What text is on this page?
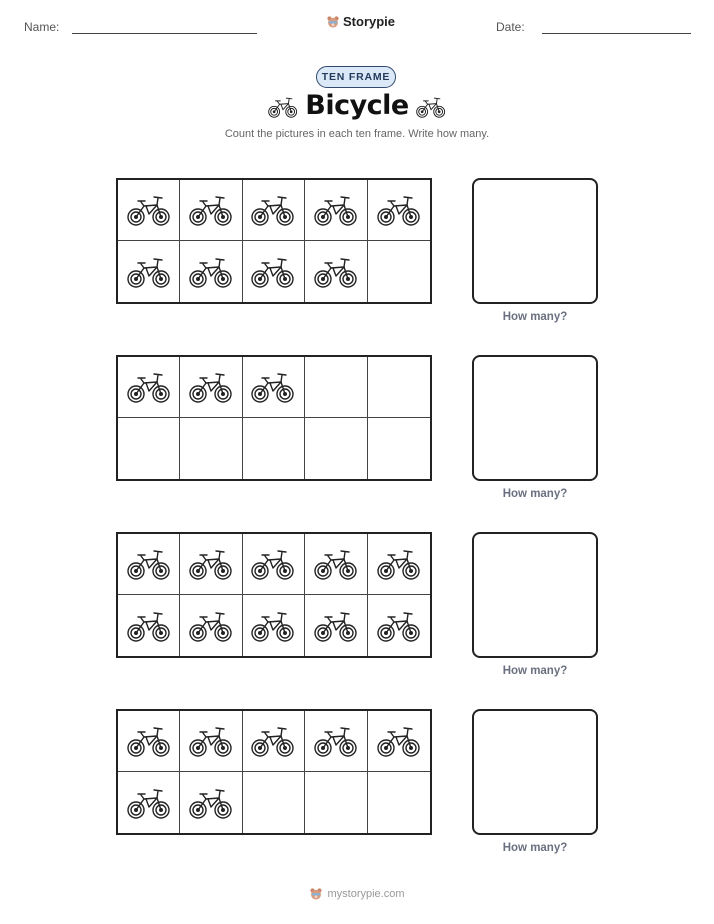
Name:	Storypie	Date:
TEN FRAME
Bicycle
Count the pictures in each ten frame. Write how many.
How many?
How many?
How many?
How many?
mystorypie.com
